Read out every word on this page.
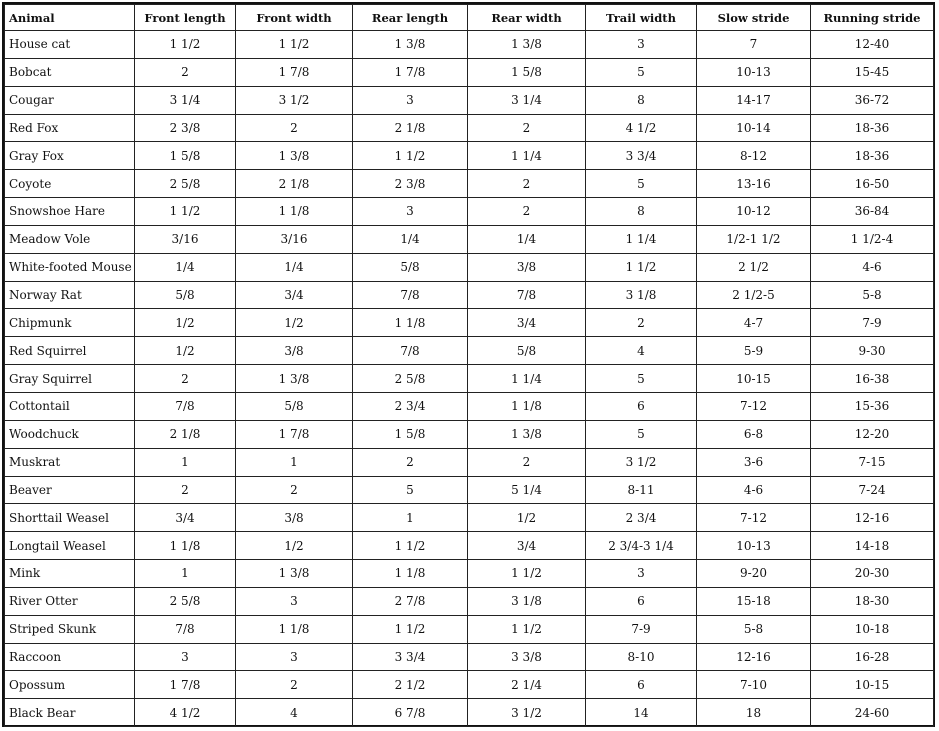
Animal	Front length	Front width	Rear length	Rear width	Trail width	Slow stride	Running stride
House cat	1 1/2	1 1/2	1 3/8	1 3/8	3	7	12-40
Bobcat	2	1 7/8	1 7/8	1 5/8	5	10-13	15-45
Cougar	3 1/4	3 1/2	3	3 1/4	8	14-17	36-72
Red Fox	2 3/8	2	2 1/8	2	4 1/2	10-14	18-36
Gray Fox	1 5/8	1 3/8	1 1/2	1 1/4	3 3/4	8-12	18-36
Coyote	2 5/8	2 1/8	2 3/8	2	5	13-16	16-50
Snowshoe Hare	1 1/2	1 1/8	3	2	8	10-12	36-84
Meadow Vole	3/16	3/16	1/4	1/4	1 1/4	1/2-1 1/2	1 1/2-4
White-footed Mouse	1/4	1/4	5/8	3/8	1 1/2	2 1/2	4-6
Norway Rat	5/8	3/4	7/8	7/8	3 1/8	2 1/2-5	5-8
Chipmunk	1/2	1/2	1 1/8	3/4	2	4-7	7-9
Red Squirrel	1/2	3/8	7/8	5/8	4	5-9	9-30
Gray Squirrel	2	1 3/8	2 5/8	1 1/4	5	10-15	16-38
Cottontail	7/8	5/8	2 3/4	1 1/8	6	7-12	15-36
Woodchuck	2 1/8	1 7/8	1 5/8	1 3/8	5	6-8	12-20
Muskrat	1	1	2	2	3 1/2	3-6	7-15
Beaver	2	2	5	5 1/4	8-11	4-6	7-24
Shorttail Weasel	3/4	3/8	1	1/2	2 3/4	7-12	12-16
Longtail Weasel	1 1/8	1/2	1 1/2	3/4	2 3/4-3 1/4	10-13	14-18
Mink	1	1 3/8	1 1/8	1 1/2	3	9-20	20-30
River Otter	2 5/8	3	2 7/8	3 1/8	6	15-18	18-30
Striped Skunk	7/8	1 1/8	1 1/2	1 1/2	7-9	5-8	10-18
Raccoon	3	3	3 3/4	3 3/8	8-10	12-16	16-28
Opossum	1 7/8	2	2 1/2	2 1/4	6	7-10	10-15
Black Bear	4 1/2	4	6 7/8	3 1/2	14	18	24-60
